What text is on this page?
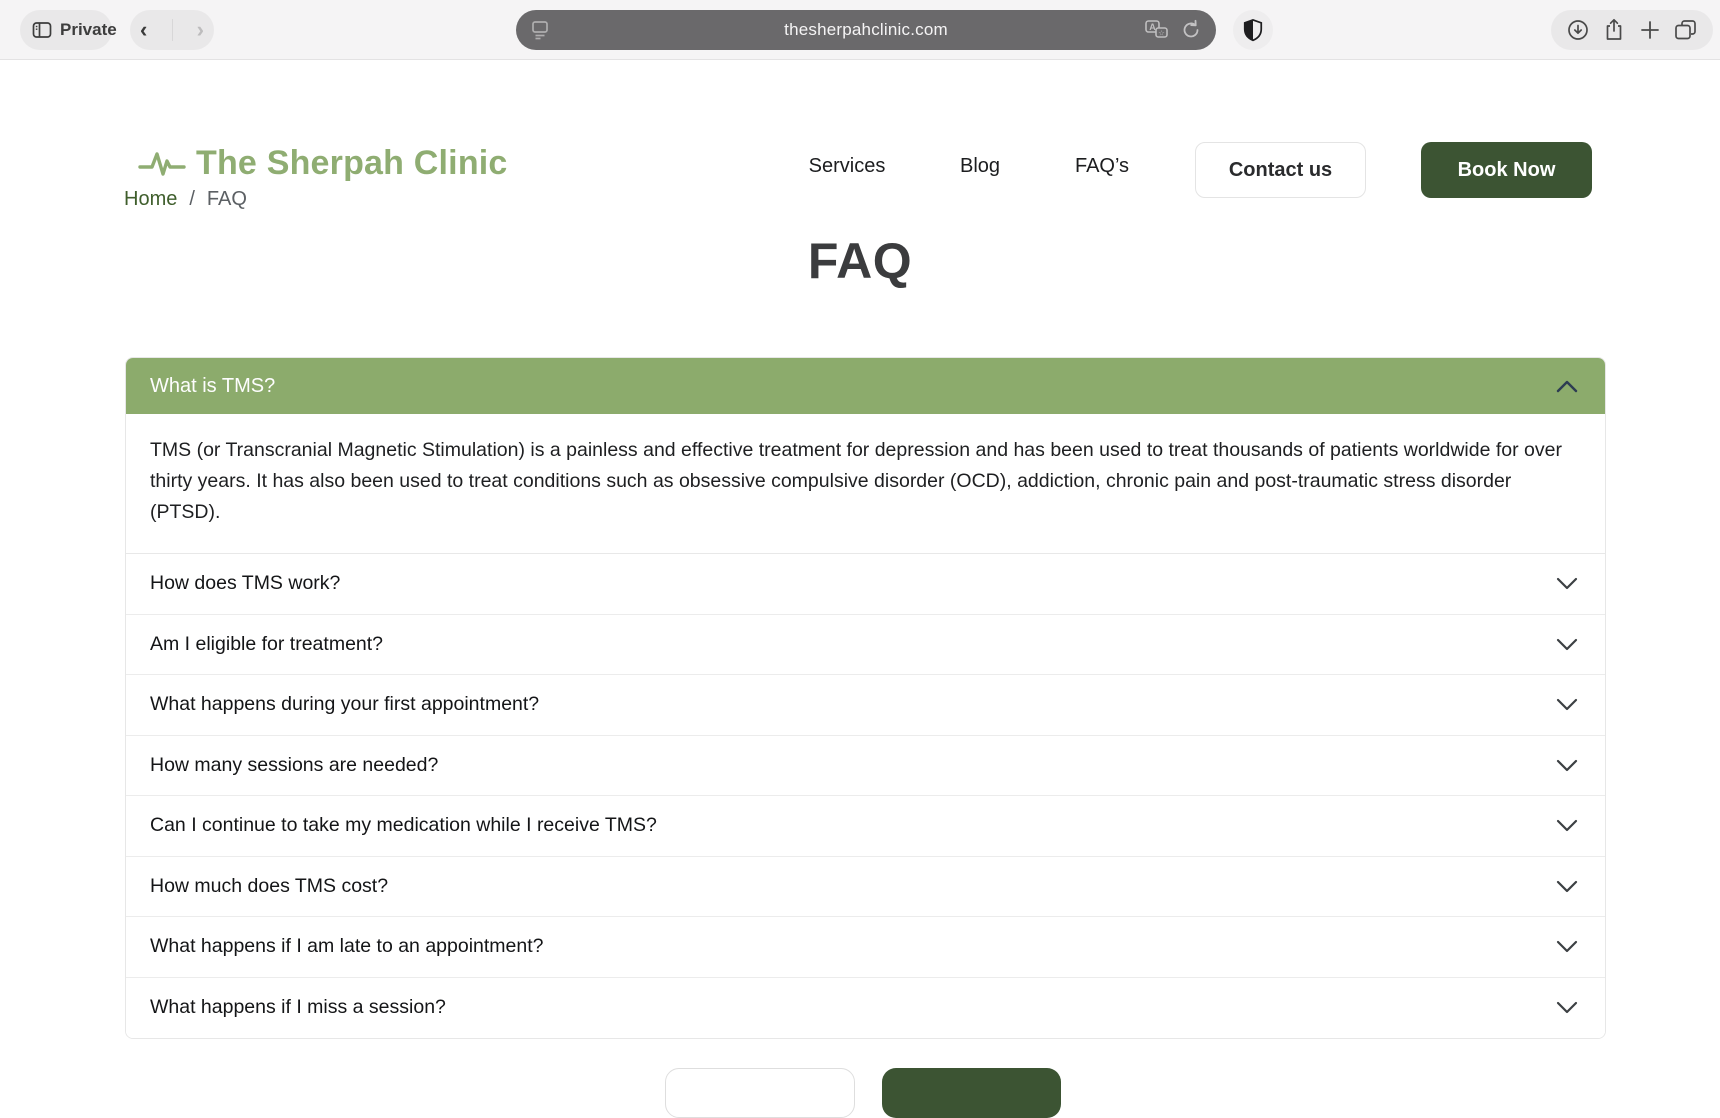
Private ‹ ›	thesherpahclinic.com	A
☆
The Sherpah Clinic	Services	Blog	FAQ’s	Contact us	Book Now
Home / FAQ
FAQ
What is TMS?
TMS (or Transcranial Magnetic Stimulation) is a painless and effective treatment for depression and has been used to treat thousands of patients worldwide for over thirty years. It has also been used to treat conditions such as obsessive compulsive disorder (OCD), addiction, chronic pain and post-traumatic stress disorder (PTSD).
How does TMS work?
Am I eligible for treatment?
What happens during your first appointment?
How many sessions are needed?
Can I continue to take my medication while I receive TMS?
How much does TMS cost?
What happens if I am late to an appointment?
What happens if I miss a session?
